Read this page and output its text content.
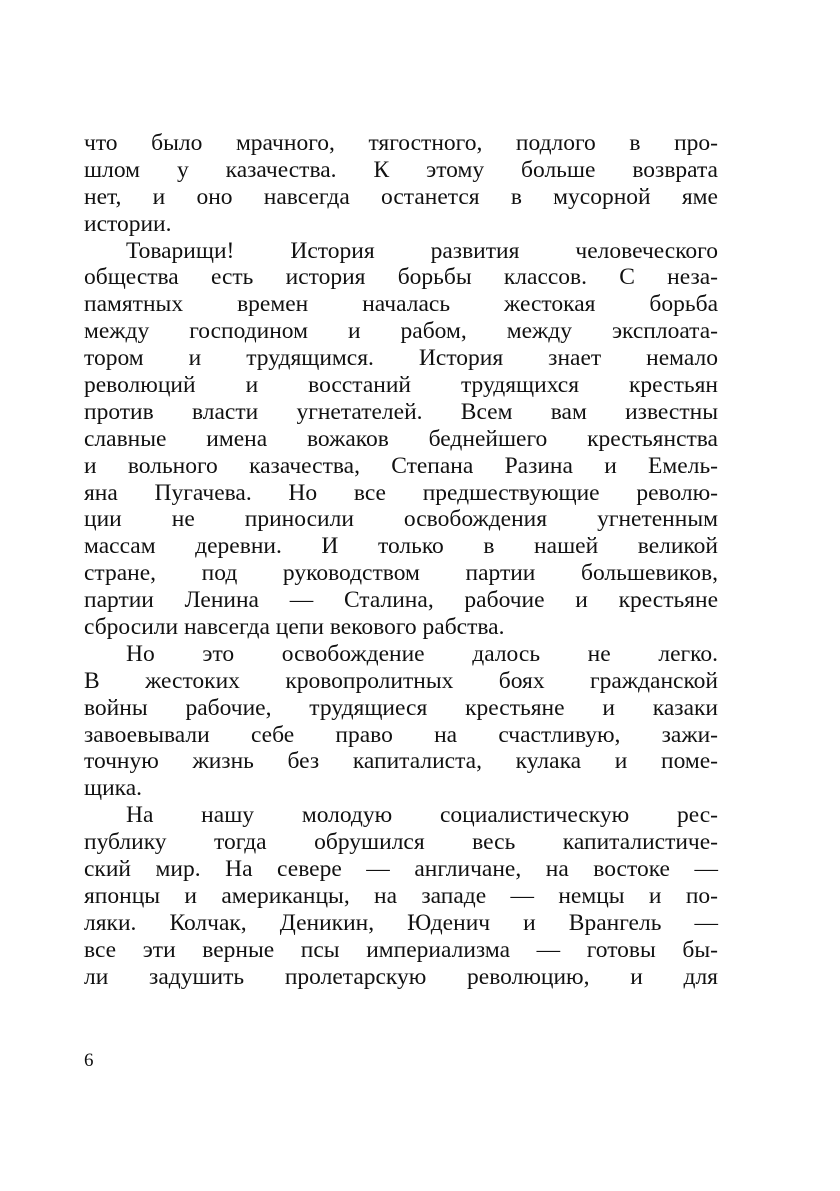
что было мрачного, тягостного, подлого в про-
шлом у казачества. К этому больше возврата
нет, и оно навсегда останется в мусорной яме
истории.
Товарищи! История развития человеческого
общества есть история борьбы классов. С неза-
памятных времен началась жестокая борьба
между господином и рабом, между эксплоата-
тором и трудящимся. История знает немало
революций и восстаний трудящихся крестьян
против власти угнетателей. Всем вам известны
славные имена вожаков беднейшего крестьянства
и вольного казачества, Степана Разина и Емель-
яна Пугачева. Но все предшествующие револю-
ции не приносили освобождения угнетенным
массам деревни. И только в нашей великой
стране, под руководством партии большевиков,
партии Ленина — Сталина, рабочие и крестьяне
сбросили навсегда цепи векового рабства.
Но это освобождение далось не легко.
В жестоких кровопролитных боях гражданской
войны рабочие, трудящиеся крестьяне и казаки
завоевывали себе право на счастливую, зажи-
точную жизнь без капиталиста, кулака и поме-
щика.
На нашу молодую социалистическую рес-
публику тогда обрушился весь капиталистиче-
ский мир. На севере — англичане, на востоке —
японцы и американцы, на западе — немцы и по-
ляки. Колчак, Деникин, Юденич и Врангель —
все эти верные псы империализма — готовы бы-
ли задушить пролетарскую революцию, и для
6
